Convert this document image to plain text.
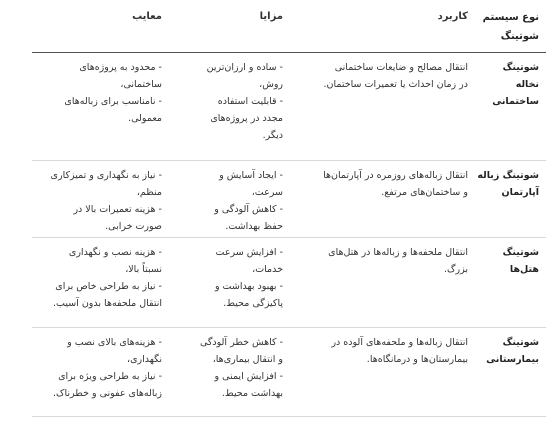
معایب	مزایا	کاربرد	نوع سیستم
شوتینگ

- محدود به پروژه‌های
ساختمانی،
- نامناسب برای زباله‌های
معمولی.	- ساده و ارزان‌ترین
روش،
- قابلیت استفاده
مجدد در پروژه‌های
دیگر.	انتقال مصالح و ضایعات ساختمانی
در زمان احداث یا تعمیرات ساختمان.	شوتینگ
نخاله
ساختمانی

- نیاز به نگهداری و تمیزکاری
منظم،
- هزینه تعمیرات بالا در
صورت خرابی.	- ایجاد آسایش و
سرعت،
- کاهش آلودگی و
حفظ بهداشت.	انتقال زباله‌های روزمره در آپارتمان‌ها
و ساختمان‌های مرتفع.	شوتینگ زباله
آپارتمان

- هزینه نصب و نگهداری
نسبتاً بالا،
- نیاز به طراحی خاص برای
انتقال ملحفه‌ها بدون آسیب.	- افزایش سرعت
خدمات،
- بهبود بهداشت و
پاکیزگی محیط.	انتقال ملحفه‌ها و زباله‌ها در هتل‌های
بزرگ.	شوتینگ
هتل‌ها

- هزینه‌های بالای نصب و
نگهداری،
- نیاز به طراحی ویژه برای
زباله‌های عفونی و خطرناک.	- کاهش خطر آلودگی
و انتقال بیماری‌ها،
- افزایش ایمنی و
بهداشت محیط.	انتقال زباله‌ها و ملحفه‌های آلوده در
بیمارستان‌ها و درمانگاه‌ها.	شوتینگ
بیمارستانی
